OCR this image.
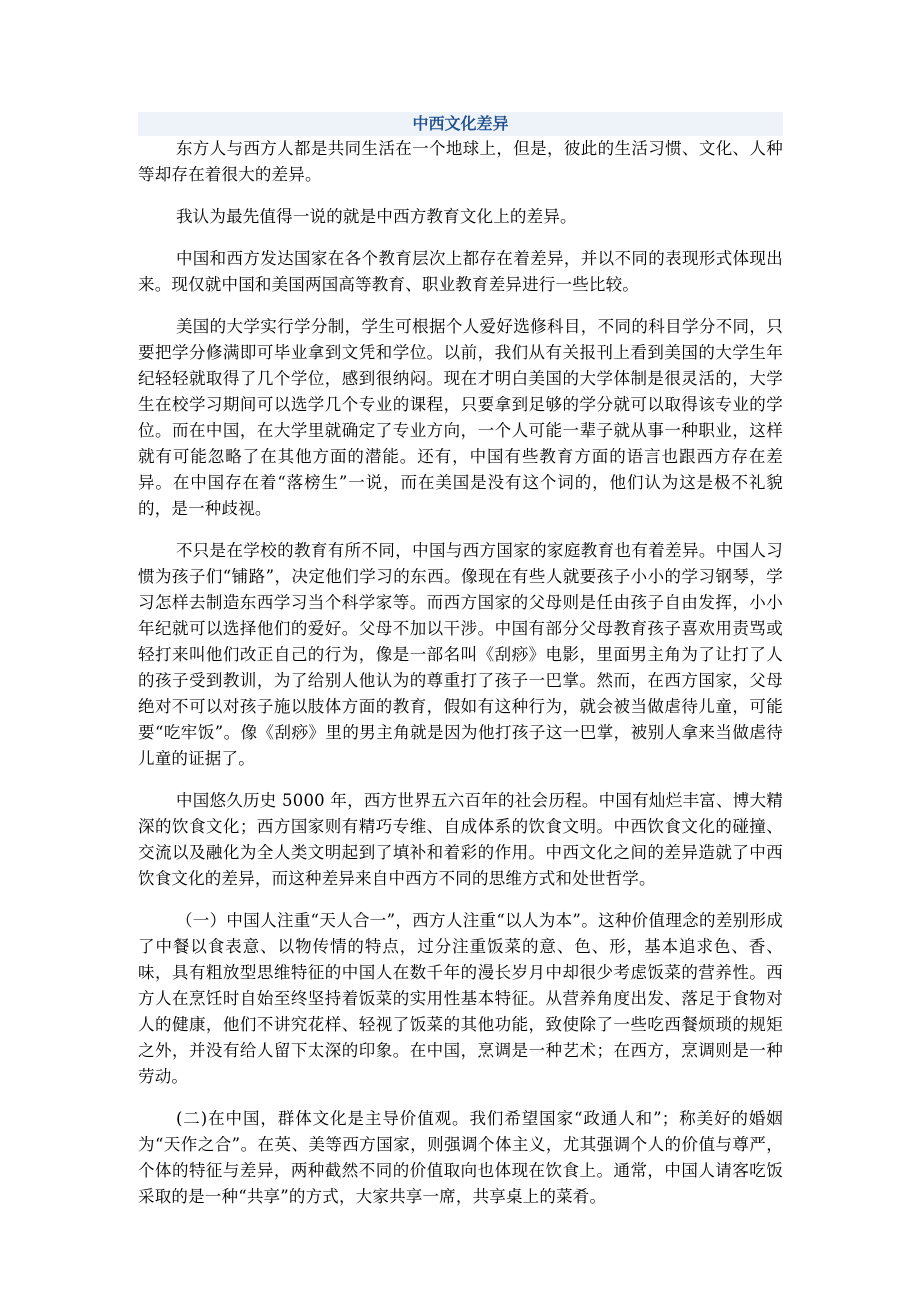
中西文化差异

东方人与西方人都是共同生活在一个地球上，但是，彼此的生活习惯、文化、人种等却存在着很大的差异。

我认为最先值得一说的就是中西方教育文化上的差异。

中国和西方发达国家在各个教育层次上都存在着差异，并以不同的表现形式体现出来。现仅就中国和美国两国高等教育、职业教育差异进行一些比较。

美国的大学实行学分制，学生可根据个人爱好选修科目，不同的科目学分不同，只要把学分修满即可毕业拿到文凭和学位。以前，我们从有关报刊上看到美国的大学生年纪轻轻就取得了几个学位，感到很纳闷。现在才明白美国的大学体制是很灵活的，大学生在校学习期间可以选学几个专业的课程，只要拿到足够的学分就可以取得该专业的学位。而在中国，在大学里就确定了专业方向，一个人可能一辈子就从事一种职业，这样就有可能忽略了在其他方面的潜能。还有，中国有些教育方面的语言也跟西方存在差异。在中国存在着“落榜生”一说，而在美国是没有这个词的，他们认为这是极不礼貌的，是一种歧视。

不只是在学校的教育有所不同，中国与西方国家的家庭教育也有着差异。中国人习惯为孩子们“铺路”，决定他们学习的东西。像现在有些人就要孩子小小的学习钢琴，学习怎样去制造东西学习当个科学家等。而西方国家的父母则是任由孩子自由发挥，小小年纪就可以选择他们的爱好。父母不加以干涉。中国有部分父母教育孩子喜欢用责骂或轻打来叫他们改正自己的行为，像是一部名叫《刮痧》电影，里面男主角为了让打了人的孩子受到教训，为了给别人他认为的尊重打了孩子一巴掌。然而，在西方国家，父母绝对不可以对孩子施以肢体方面的教育，假如有这种行为，就会被当做虐待儿童，可能要“吃牢饭”。像《刮痧》里的男主角就是因为他打孩子这一巴掌，被别人拿来当做虐待儿童的证据了。

中国悠久历史 5000 年，西方世界五六百年的社会历程。中国有灿烂丰富、博大精深的饮食文化；西方国家则有精巧专维、自成体系的饮食文明。中西饮食文化的碰撞、交流以及融化为全人类文明起到了填补和着彩的作用。中西文化之间的差异造就了中西饮食文化的差异，而这种差异来自中西方不同的思维方式和处世哲学。

（一）中国人注重“天人合一”，西方人注重“以人为本”。这种价值理念的差别形成了中餐以食表意、以物传情的特点，过分注重饭菜的意、色、形，基本追求色、香、味，具有粗放型思维特征的中国人在数千年的漫长岁月中却很少考虑饭菜的营养性。西方人在烹饪时自始至终坚持着饭菜的实用性基本特征。从营养角度出发、落足于食物对人的健康，他们不讲究花样、轻视了饭菜的其他功能，致使除了一些吃西餐烦琐的规矩之外，并没有给人留下太深的印象。在中国，烹调是一种艺术；在西方，烹调则是一种劳动。

(二)在中国，群体文化是主导价值观。我们希望国家“政通人和”；称美好的婚姻为“天作之合”。在英、美等西方国家，则强调个体主义，尤其强调个人的价值与尊严，个体的特征与差异，两种截然不同的价值取向也体现在饮食上。通常，中国人请客吃饭采取的是一种“共享”的方式，大家共享一席，共享桌上的菜肴。
